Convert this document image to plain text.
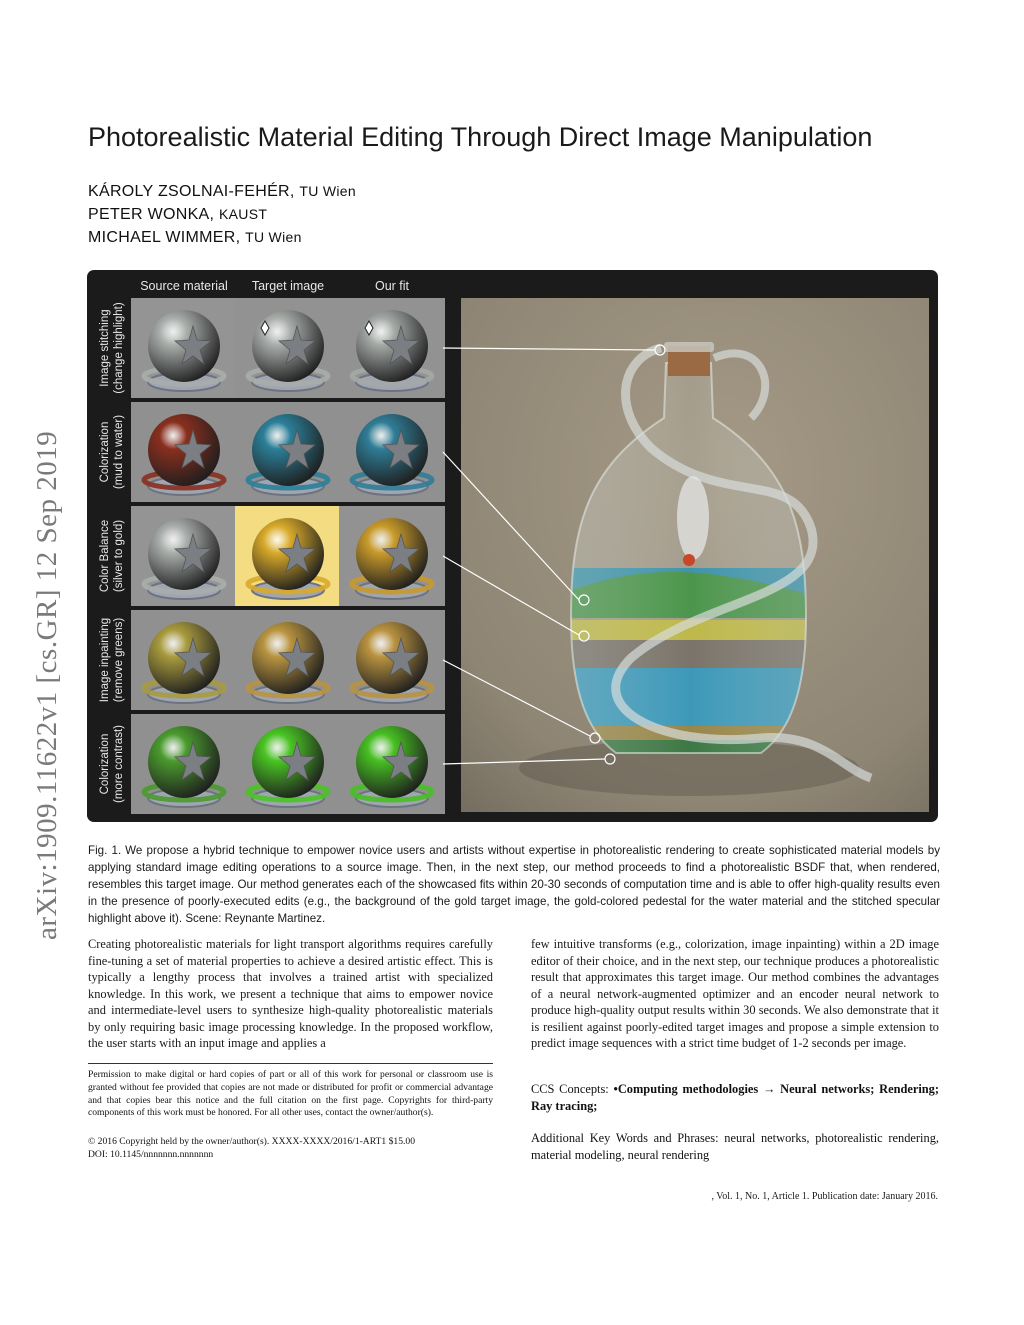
arXiv:1909.11622v1 [cs.GR] 12 Sep 2019
Photorealistic Material Editing Through Direct Image Manipulation
KÁROLY ZSOLNAI-FEHÉR, TU Wien
PETER WONKA, KAUST
MICHAEL WIMMER, TU Wien
Source material	Target image	Our fit
Image stitching (change highlight)
Colorization (mud to water)
Color Balance (silver to gold)
Image inpainting (remove greens)
Colorization (more contrast)

Fig. 1. We propose a hybrid technique to empower novice users and artists without expertise in photorealistic rendering to create sophisticated material models by applying standard image editing operations to a source image. Then, in the next step, our method proceeds to find a photorealistic BSDF that, when rendered, resembles this target image. Our method generates each of the showcased fits within 20-30 seconds of computation time and is able to offer high-quality results even in the presence of poorly-executed edits (e.g., the background of the gold target image, the gold-colored pedestal for the water material and the stitched specular highlight above it). Scene: Reynante Martinez.

Creating photorealistic materials for light transport algorithms requires carefully fine-tuning a set of material properties to achieve a desired artistic effect. This is typically a lengthy process that involves a trained artist with specialized knowledge. In this work, we present a technique that aims to empower novice and intermediate-level users to synthesize high-quality photorealistic materials by only requiring basic image processing knowledge. In the proposed workflow, the user starts with an input image and applies a

few intuitive transforms (e.g., colorization, image inpainting) within a 2D image editor of their choice, and in the next step, our technique produces a photorealistic result that approximates this target image. Our method combines the advantages of a neural network-augmented optimizer and an encoder neural network to produce high-quality output results within 30 seconds. We also demonstrate that it is resilient against poorly-edited target images and propose a simple extension to predict image sequences with a strict time budget of 1-2 seconds per image.

Permission to make digital or hard copies of part or all of this work for personal or classroom use is granted without fee provided that copies are not made or distributed for profit or commercial advantage and that copies bear this notice and the full citation on the first page. Copyrights for third-party components of this work must be honored. For all other uses, contact the owner/author(s).

© 2016 Copyright held by the owner/author(s). XXXX-XXXX/2016/1-ART1 $15.00

DOI: 10.1145/nnnnnnn.nnnnnnn

CCS Concepts: •Computing methodologies → Neural networks; Rendering; Ray tracing;

Additional Key Words and Phrases: neural networks, photorealistic rendering, material modeling, neural rendering

, Vol. 1, No. 1, Article 1. Publication date: January 2016.
